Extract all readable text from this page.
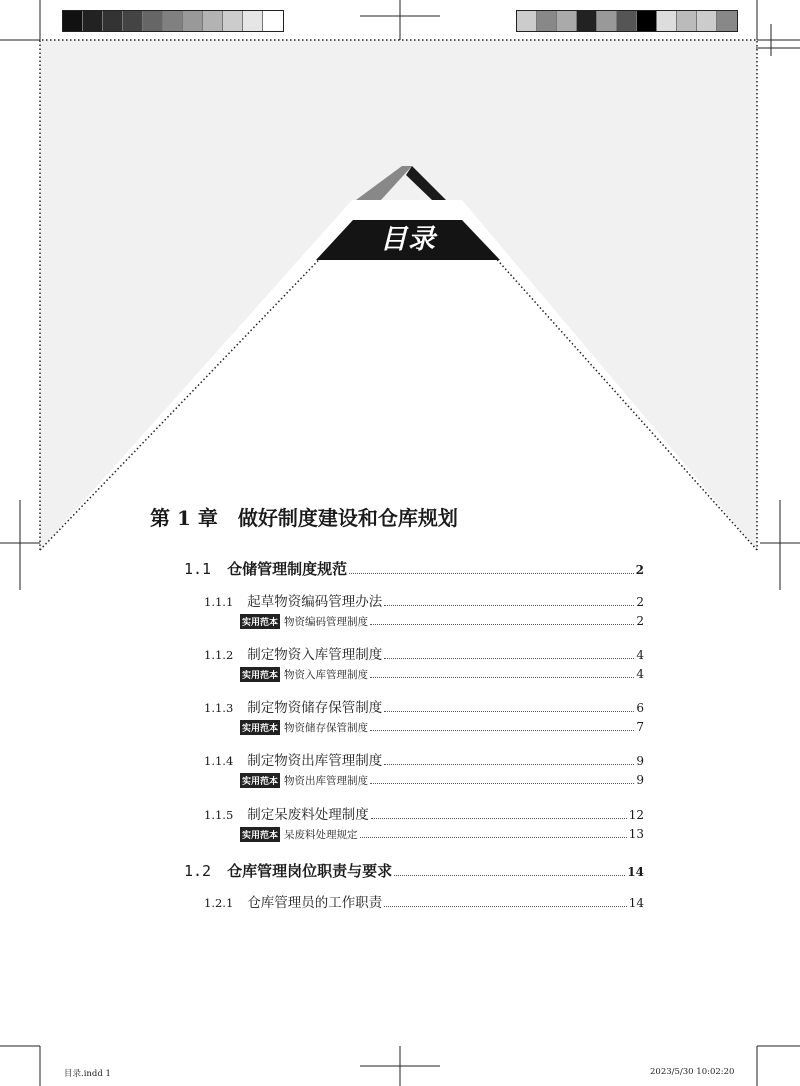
目录
第 1 章 做好制度建设和仓库规划
1.1 仓储管理制度规范	2
1.1.1 起草物资编码管理办法	2
实用范本 物资编码管理制度	2
1.1.2 制定物资入库管理制度	4
实用范本 物资入库管理制度	4
1.1.3 制定物资储存保管制度	6
实用范本 物资储存保管制度	7
1.1.4 制定物资出库管理制度	9
实用范本 物资出库管理制度	9
1.1.5 制定呆废料处理制度	12
实用范本 呆废料处理规定	13
1.2 仓库管理岗位职责与要求	14
1.2.1 仓库管理员的工作职责	14
目录.indd 1	2023/5/30 10:02:20
